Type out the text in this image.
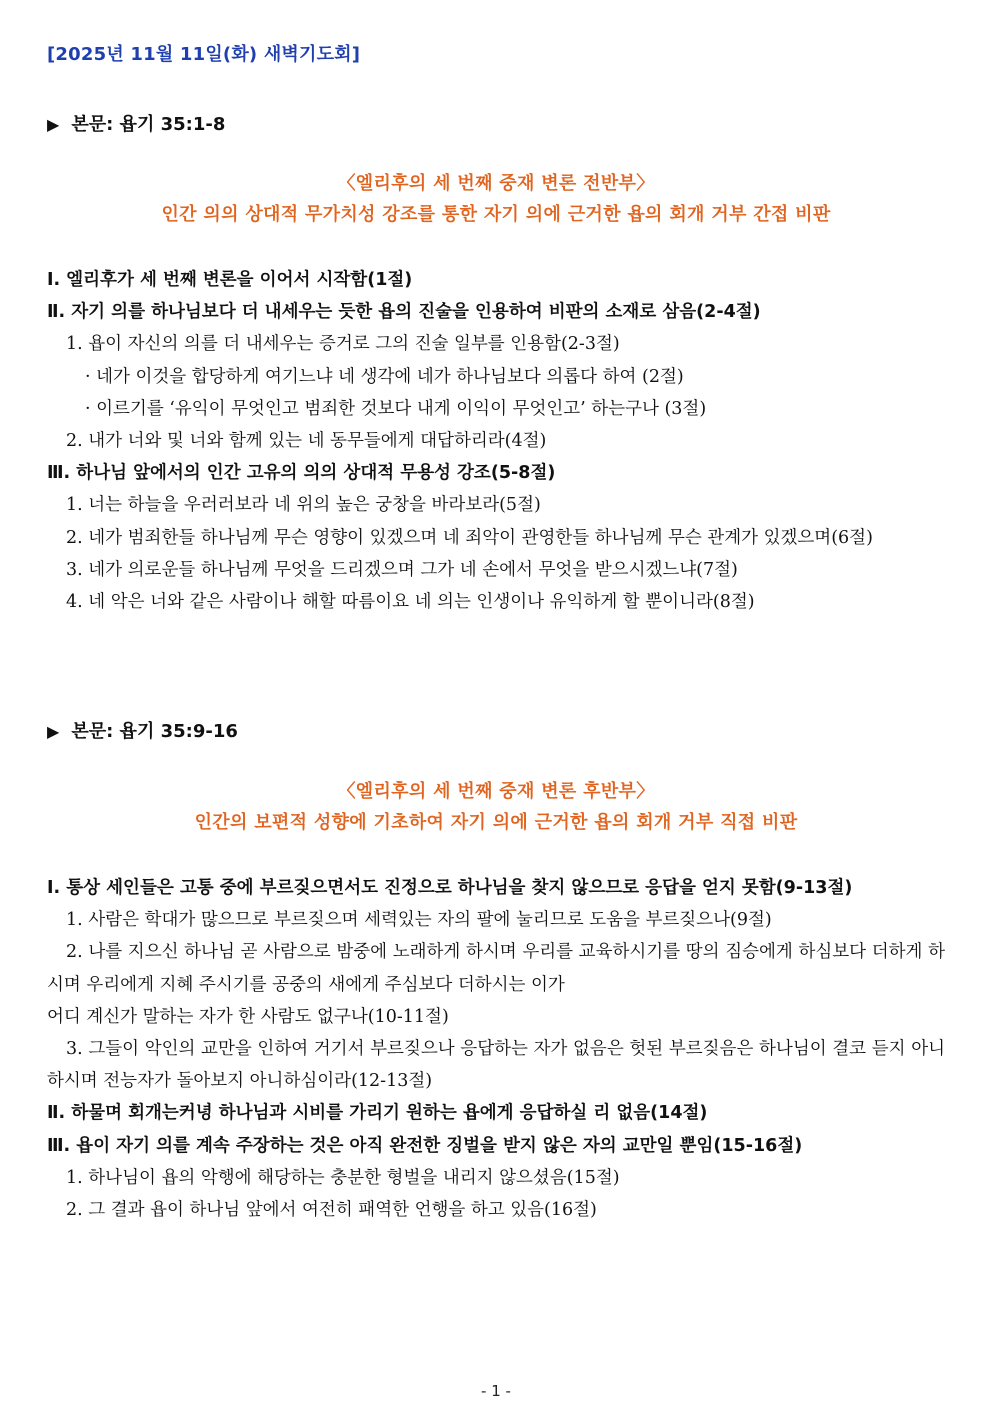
[2025년 11월 11일(화) 새벽기도회]
▶ 본문: 욥기 35:1-8
〈엘리후의 세 번째 중재 변론 전반부〉
인간 의의 상대적 무가치성 강조를 통한 자기 의에 근거한 욥의 회개 거부 간접 비판
Ⅰ. 엘리후가 세 번째 변론을 이어서 시작함(1절)
Ⅱ. 자기 의를 하나님보다 더 내세우는 듯한 욥의 진술을 인용하여 비판의 소재로 삼음(2-4절)
1. 욥이 자신의 의를 더 내세우는 증거로 그의 진술 일부를 인용함(2-3절)
· 네가 이것을 합당하게 여기느냐 네 생각에 네가 하나님보다 의롭다 하여 (2절)
· 이르기를 ‘유익이 무엇인고 범죄한 것보다 내게 이익이 무엇인고’ 하는구나 (3절)
2. 내가 너와 및 너와 함께 있는 네 동무들에게 대답하리라(4절)
Ⅲ. 하나님 앞에서의 인간 고유의 의의 상대적 무용성 강조(5-8절)
1. 너는 하늘을 우러러보라 네 위의 높은 궁창을 바라보라(5절)
2. 네가 범죄한들 하나님께 무슨 영향이 있겠으며 네 죄악이 관영한들 하나님께 무슨 관계가 있겠으며(6절)
3. 네가 의로운들 하나님께 무엇을 드리겠으며 그가 네 손에서 무엇을 받으시겠느냐(7절)
4. 네 악은 너와 같은 사람이나 해할 따름이요 네 의는 인생이나 유익하게 할 뿐이니라(8절)
▶ 본문: 욥기 35:9-16
〈엘리후의 세 번째 중재 변론 후반부〉
인간의 보편적 성향에 기초하여 자기 의에 근거한 욥의 회개 거부 직접 비판
Ⅰ. 통상 세인들은 고통 중에 부르짖으면서도 진정으로 하나님을 찾지 않으므로 응답을 얻지 못함(9-13절)
1. 사람은 학대가 많으므로 부르짖으며 세력있는 자의 팔에 눌리므로 도움을 부르짖으나(9절)
2. 나를 지으신 하나님 곧 사람으로 밤중에 노래하게 하시며 우리를 교육하시기를 땅의 짐승에게 하심보다 더하게 하시며 우리에게 지혜 주시기를 공중의 새에게 주심보다 더하시는 이가
어디 계신가 말하는 자가 한 사람도 없구나(10-11절)
3. 그들이 악인의 교만을 인하여 거기서 부르짖으나 응답하는 자가 없음은 헛된 부르짖음은 하나님이 결코 듣지 아니하시며 전능자가 돌아보지 아니하심이라(12-13절)
Ⅱ. 하물며 회개는커녕 하나님과 시비를 가리기 원하는 욥에게 응답하실 리 없음(14절)
Ⅲ. 욥이 자기 의를 계속 주장하는 것은 아직 완전한 징벌을 받지 않은 자의 교만일 뿐임(15-16절)
1. 하나님이 욥의 악행에 해당하는 충분한 형벌을 내리지 않으셨음(15절)
2. 그 결과 욥이 하나님 앞에서 여전히 패역한 언행을 하고 있음(16절)
- 1 -
